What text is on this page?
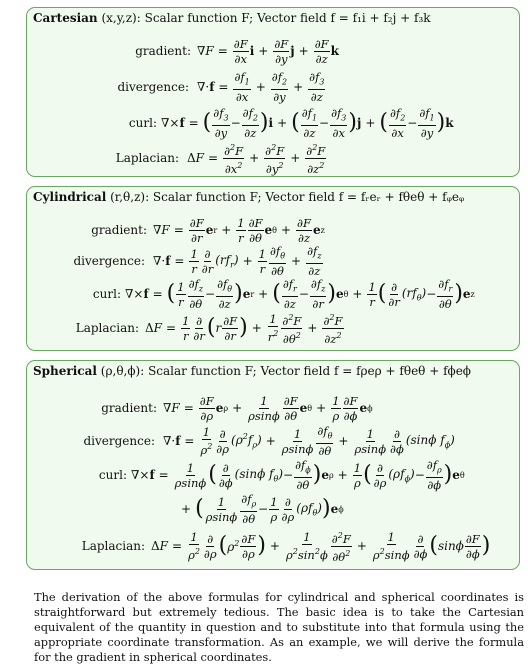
Cartesian (x,y,z): Scalar function F; Vector field f = f₁i + f₂j + f₃k
gradient: $\nabla F = \frac{\partial F}{\partial x}$ $i + \frac{\partial F}{\partial y}$ $j + \frac{\partial F}{\partial z}$ k
divergence: $\nabla\cdot f = \frac{\partial f_1}{\partial x} + \frac{\partial f_2}{\partial y} + \frac{\partial f_3}{\partial z}$
curl: ∇×f = ( $\frac{\partial f_3}{\partial y} - \frac{\partial f_2}{\partial z}$ ) i + ( $\frac{\partial f_1}{\partial z} - \frac{\partial f_3}{\partial x}$ ) j + ( $\frac{\partial f_2}{\partial x} - \frac{\partial f_1}{\partial y}$ ) k
Laplacian: $\Delta F = \frac{\partial^2F}{\partial x^2} + \frac{\partial^2F}{\partial y^2} + \frac{\partial^2F}{\partial z^2}$
Cylindrical (r,θ,z): Scalar function F; Vector field f = fᵣeᵣ + fθeθ + fᵩeᵩ
gradient: $\nabla F = \frac{\partial F}{\partial r}$ e $r + \frac{1}{r} \frac{\partial F}{\partial\theta}$ e $\theta + \frac{\partial F}{\partial z}$ e z
divergence: $\nabla\cdot f = \frac{1}{r} \frac{\partial}{\partial r} (rf_r) + \frac{1}{r} \frac{\partial f_\theta}{\partial\theta} + \frac{\partial f_z}{\partial z}$
curl: ∇×f = ( $\frac{1}{r} \frac{\partial f_z}{\partial\theta} - \frac{\partial f_\theta}{\partial z}$ ) e r + ( $\frac{\partial f_r}{\partial z} - \frac{\partial f_z}{\partial r}$ ) e $\theta + \frac{1}{r}$ ( $\frac{\partial}{\partial r} (rf_\theta) - \frac{\partial f_r}{\partial\theta}$ ) e z
Laplacian: $\Delta F = \frac{1}{r} \frac{\partial}{\partial r}$ ( r $\frac{\partial F}{\partial r}$ ) + $\frac{1}{r^2} \frac{\partial^2F}{\partial\theta^2} + \frac{\partial^2F}{\partial z^2}$
Spherical (ρ,θ,ϕ): Scalar function F; Vector field f = fρeρ + fθeθ + fϕeϕ
gradient: $\nabla F = \frac{\partial F}{\partial\rho}$ e $\rho + \frac{1}{\rho\sin\phi} \frac{\partial F}{\partial\theta}$ e $\theta + \frac{1}{\rho} \frac{\partial F}{\partial\phi}$ e ϕ
divergence: $\nabla\cdot f = \frac{1}{\rho^2} \frac{\partial}{\partial\rho} (\rho^2f_\rho) + \frac{1}{\rho\sin\phi} \frac{\partial f_\theta}{\partial\theta} + \frac{1}{\rho\sin\phi} \frac{\partial}{\partial\phi} (\sin\phi$ $f_\phi$)
curl: $\nabla\times f = \frac{1}{\rho\sin\phi}$ ( $\frac{\partial}{\partial\phi} (\sin\phi$ $f_\theta) - \frac{\partial f_\phi}{\partial\theta}$ ) e $\rho + \frac{1}{\rho}$ ( $\frac{\partial}{\partial\rho} (\rho f_\phi) - \frac{\partial f_\rho}{\partial\phi}$ ) e θ
+ ( $\frac{1}{\rho\sin\phi} \frac{\partial f_\rho}{\partial\theta} - \frac{1}{\rho} \frac{\partial}{\partial\rho} (\rho f_\theta)$ ) e ϕ
Laplacian: $\Delta F = \frac{1}{\rho^2} \frac{\partial}{\partial\rho}$ ( $\rho^2 \frac{\partial F}{\partial\rho}$ ) + $\frac{1}{\rho^2\sin^2\phi} \frac{\partial^2F}{\partial\theta^2} + \frac{1}{\rho^2\sin\phi} \frac{\partial}{\partial\phi}$ ( sinϕ $\frac{\partial F}{\partial\phi}$ )

The derivation of the above formulas for cylindrical and spherical coordinates is straightforward but extremely tedious. The basic idea is to take the Cartesian equivalent of the quantity in question and to substitute into that formula using the appropriate coordinate transformation. As an example, we will derive the formula for the gradient in spherical coordinates.
